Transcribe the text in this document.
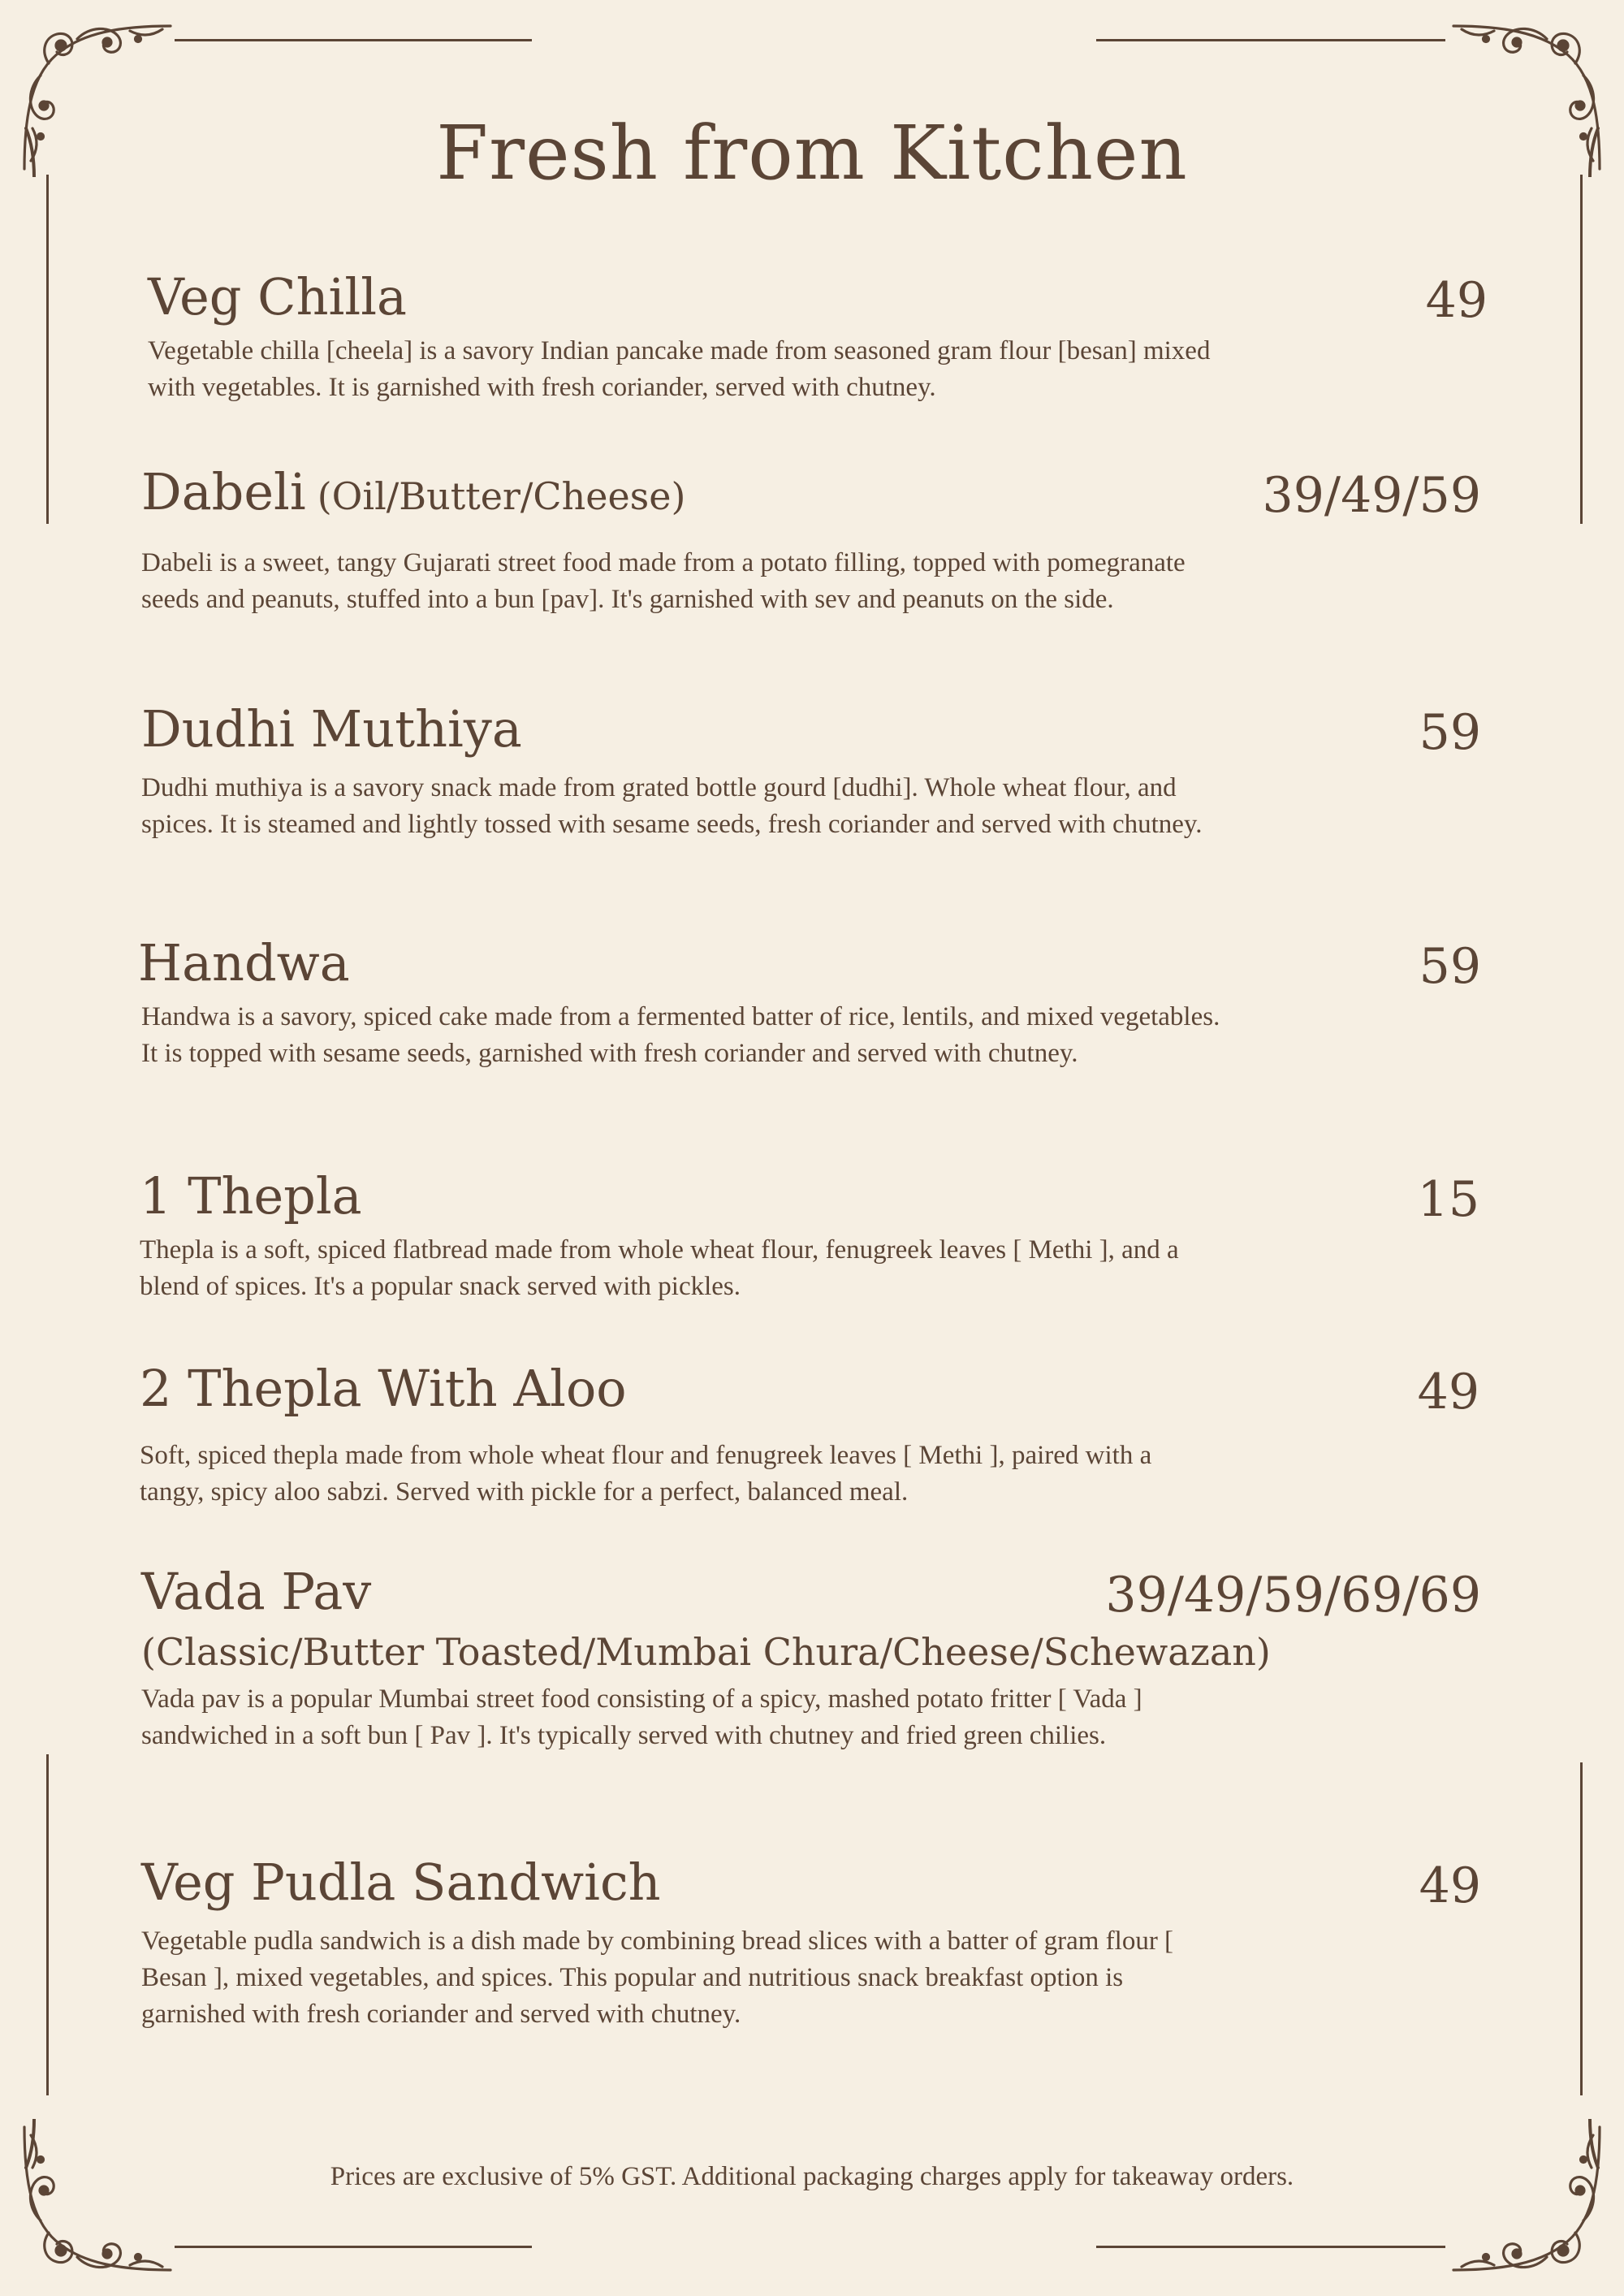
Fresh from Kitchen
Veg Chilla	49

Vegetable chilla [cheela] is a savory Indian pancake made from seasoned gram flour [besan] mixed with vegetables. It is garnished with fresh coriander, served with chutney.

Dabeli (Oil/Butter/Cheese)	39/49/59

Dabeli is a sweet, tangy Gujarati street food made from a potato filling, topped with pomegranate seeds and peanuts, stuffed into a bun [pav]. It's garnished with sev and peanuts on the side.

Dudhi Muthiya	59

Dudhi muthiya is a savory snack made from grated bottle gourd [dudhi]. Whole wheat flour, and spices. It is steamed and lightly tossed with sesame seeds, fresh coriander and served with chutney.

Handwa	59

Handwa is a savory, spiced cake made from a fermented batter of rice, lentils, and mixed vegetables. It is topped with sesame seeds, garnished with fresh coriander and served with chutney.

1 Thepla	15

Thepla is a soft, spiced flatbread made from whole wheat flour, fenugreek leaves [ Methi ], and a blend of spices. It's a popular snack served with pickles.

2 Thepla With Aloo	49

Soft, spiced thepla made from whole wheat flour and fenugreek leaves [ Methi ], paired with a tangy, spicy aloo sabzi. Served with pickle for a perfect, balanced meal.

Vada Pav	39/49/59/69/69
(Classic/Butter Toasted/Mumbai Chura/Cheese/Schewazan)

Vada pav is a popular Mumbai street food consisting of a spicy, mashed potato fritter [ Vada ] sandwiched in a soft bun [ Pav ]. It's typically served with chutney and fried green chilies.

Veg Pudla Sandwich	49

Vegetable pudla sandwich is a dish made by combining bread slices with a batter of gram flour [ Besan ], mixed vegetables, and spices. This popular and nutritious snack breakfast option is garnished with fresh coriander and served with chutney.

Prices are exclusive of 5% GST. Additional packaging charges apply for takeaway orders.
